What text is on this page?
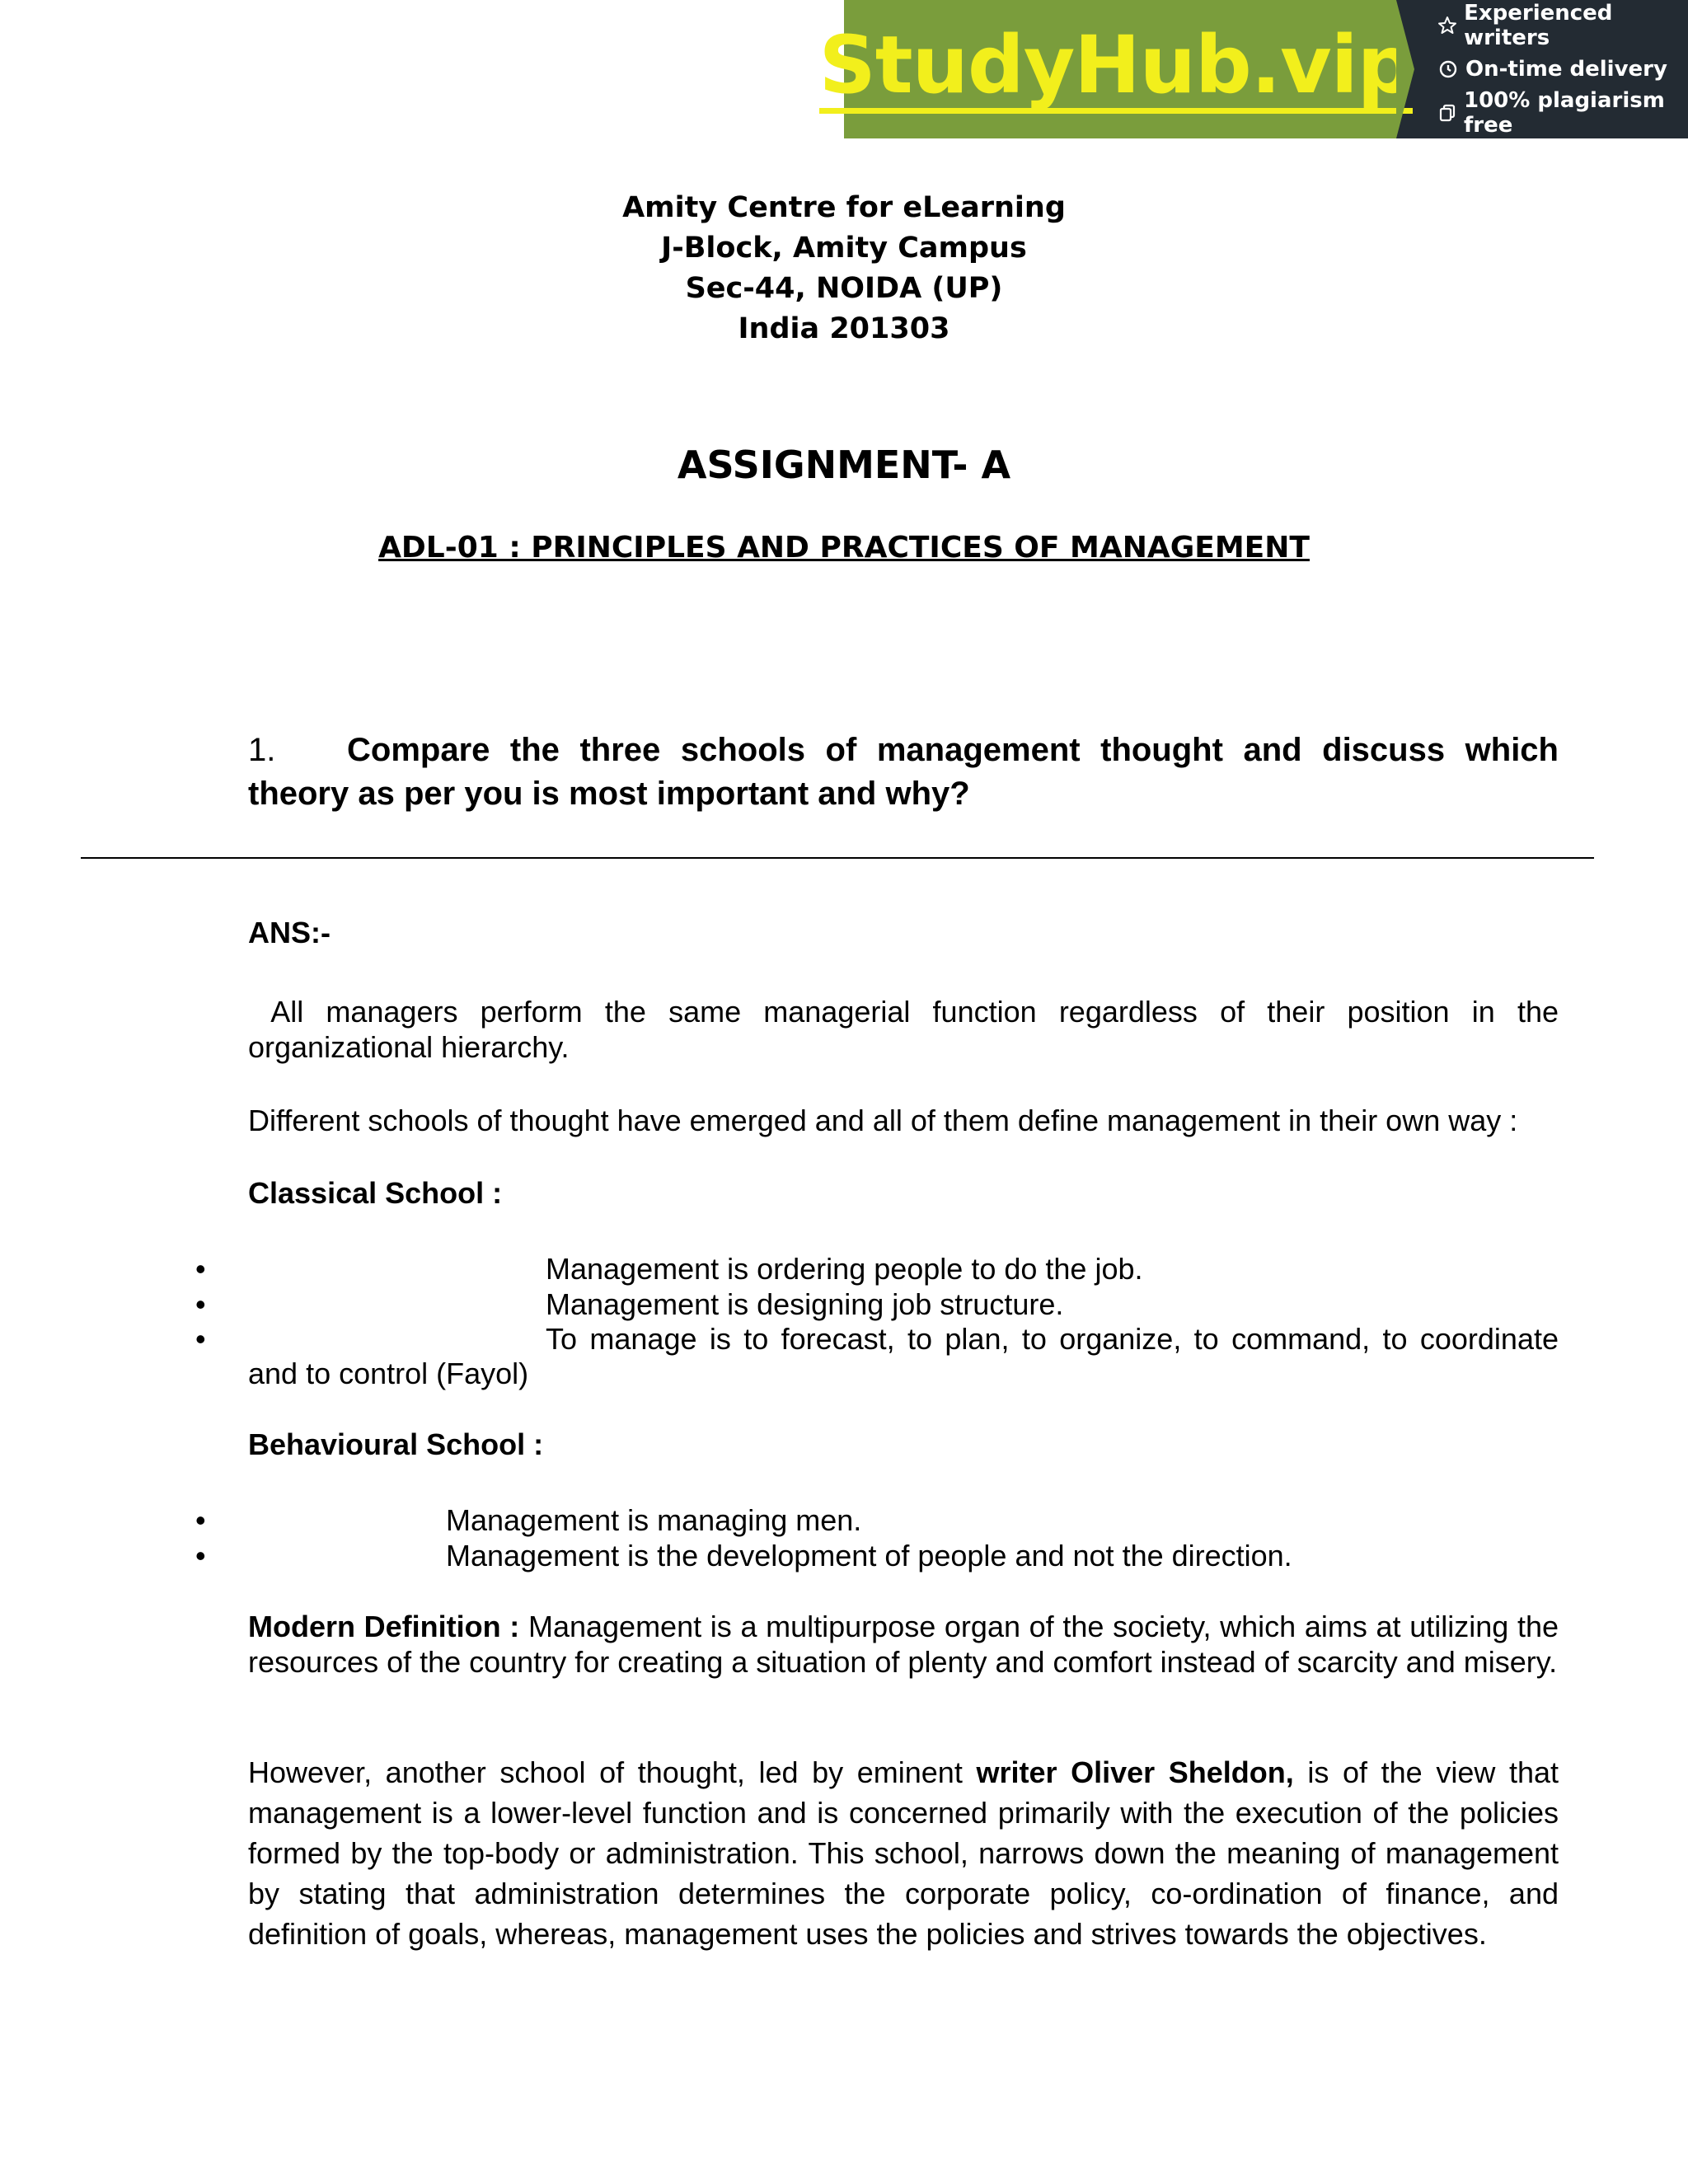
StudyHub.vip
Experienced writers
On-time delivery
100% plagiarism free
Amity Centre for eLearning
J-Block, Amity Campus
Sec-44, NOIDA (UP)
India 201303
ASSIGNMENT- A
ADL-01 : PRINCIPLES AND PRACTICES OF MANAGEMENT
1. Compare the three schools of management thought and discuss which theory as per you is most important and why?
ANS:-
All managers perform the same managerial function regardless of their position in the organizational hierarchy.
Different schools of thought have emerged and all of them define management in their own way :
Classical School :
•	Management is ordering people to do the job.
•	Management is designing job structure.
•	To manage is to forecast, to plan, to organize, to command, to coordinate
and to control (Fayol)
Behavioural School :
•	Management is managing men.
•	Management is the development of people and not the direction.
Modern Definition : Management is a multipurpose organ of the society, which aims at utilizing the resources of the country for creating a situation of plenty and comfort instead of scarcity and misery.
However, another school of thought, led by eminent writer Oliver Sheldon, is of the view that management is a lower-level function and is concerned primarily with the execution of the policies formed by the top-body or administration. This school, narrows down the meaning of management by stating that administration determines the corporate policy, co-ordination of finance, and definition of goals, whereas, management uses the policies and strives towards the objectives.
